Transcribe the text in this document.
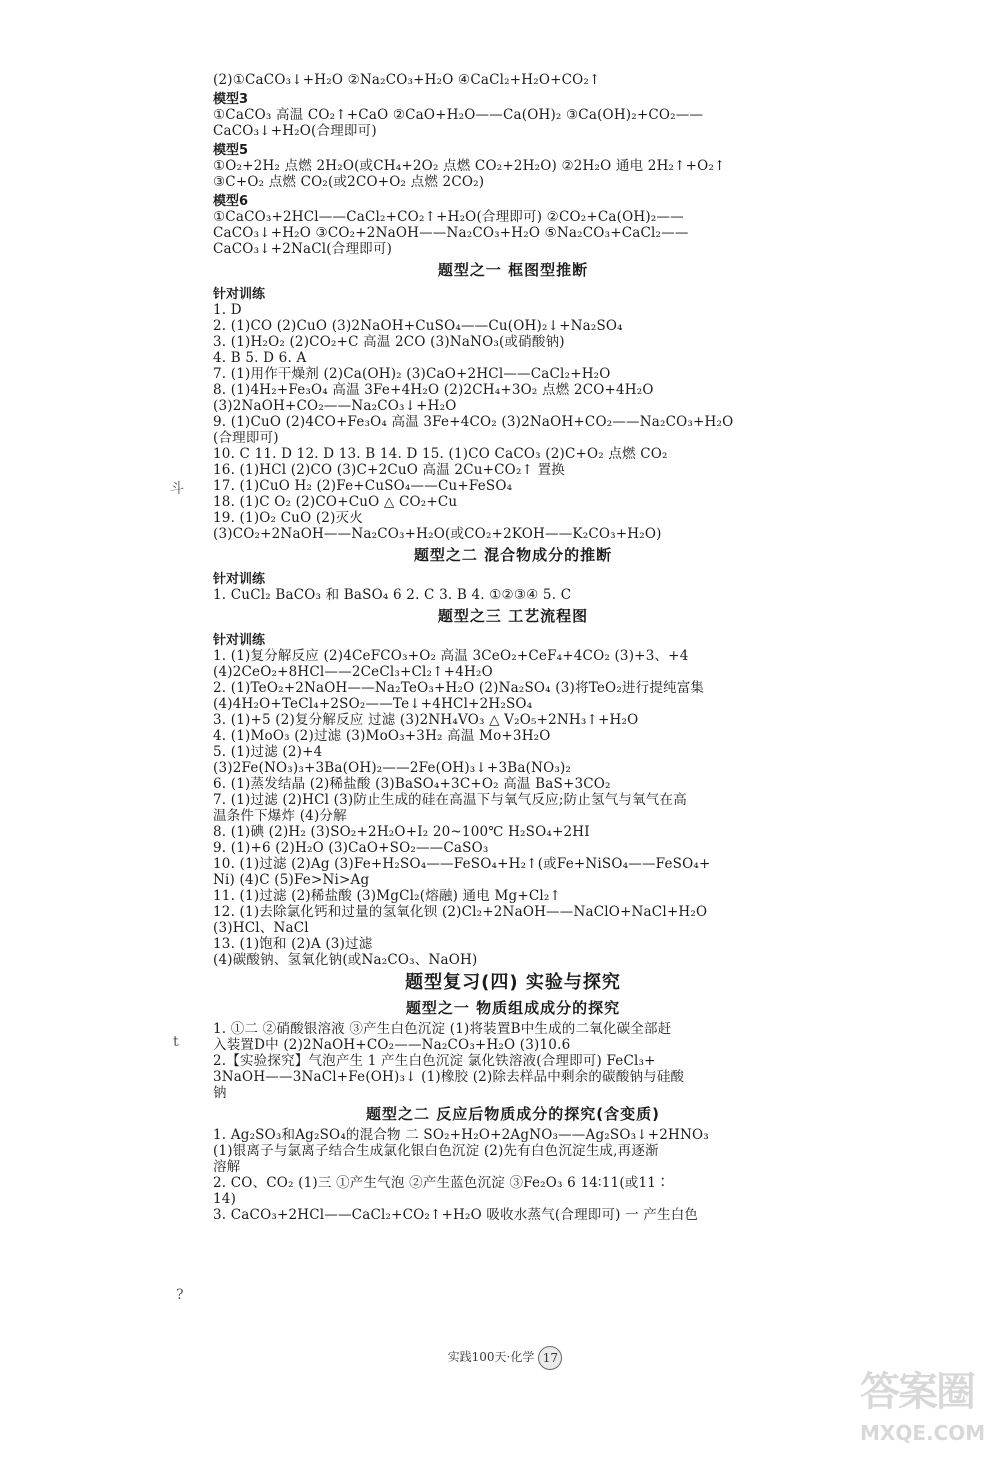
(2)①CaCO₃↓+H₂O ②Na₂CO₃+H₂O ④CaCl₂+H₂O+CO₂↑
模型3
①CaCO₃ 高温 CO₂↑+CaO ②CaO+H₂O——Ca(OH)₂ ③Ca(OH)₂+CO₂——
CaCO₃↓+H₂O(合理即可)
模型5
①O₂+2H₂ 点燃 2H₂O(或CH₄+2O₂ 点燃 CO₂+2H₂O) ②2H₂O 通电 2H₂↑+O₂↑
③C+O₂ 点燃 CO₂(或2CO+O₂ 点燃 2CO₂)
模型6
①CaCO₃+2HCl——CaCl₂+CO₂↑+H₂O(合理即可) ②CO₂+Ca(OH)₂——
CaCO₃↓+H₂O ③CO₂+2NaOH——Na₂CO₃+H₂O ⑤Na₂CO₃+CaCl₂——
CaCO₃↓+2NaCl(合理即可)
题型之一 框图型推断
针对训练
1. D
2. (1)CO (2)CuO (3)2NaOH+CuSO₄——Cu(OH)₂↓+Na₂SO₄
3. (1)H₂O₂ (2)CO₂+C 高温 2CO (3)NaNO₃(或硝酸钠)
4. B 5. D 6. A
7. (1)用作干燥剂 (2)Ca(OH)₂ (3)CaO+2HCl——CaCl₂+H₂O
8. (1)4H₂+Fe₃O₄ 高温 3Fe+4H₂O (2)2CH₄+3O₂ 点燃 2CO+4H₂O
(3)2NaOH+CO₂——Na₂CO₃↓+H₂O
9. (1)CuO (2)4CO+Fe₃O₄ 高温 3Fe+4CO₂ (3)2NaOH+CO₂——Na₂CO₃+H₂O
(合理即可)
10. C 11. D 12. D 13. B 14. D 15. (1)CO CaCO₃ (2)C+O₂ 点燃 CO₂
16. (1)HCl (2)CO (3)C+2CuO 高温 2Cu+CO₂↑ 置换
17. (1)CuO H₂ (2)Fe+CuSO₄——Cu+FeSO₄
18. (1)C O₂ (2)CO+CuO △ CO₂+Cu
19. (1)O₂ CuO (2)灭火
(3)CO₂+2NaOH——Na₂CO₃+H₂O(或CO₂+2KOH——K₂CO₃+H₂O)
题型之二 混合物成分的推断
针对训练
1. CuCl₂ BaCO₃ 和 BaSO₄ 6 2. C 3. B 4. ①②③④ 5. C
题型之三 工艺流程图
针对训练
1. (1)复分解反应 (2)4CeFCO₃+O₂ 高温 3CeO₂+CeF₄+4CO₂ (3)+3、+4
(4)2CeO₂+8HCl——2CeCl₃+Cl₂↑+4H₂O
2. (1)TeO₂+2NaOH——Na₂TeO₃+H₂O (2)Na₂SO₄ (3)将TeO₂进行提纯富集
(4)4H₂O+TeCl₄+2SO₂——Te↓+4HCl+2H₂SO₄
3. (1)+5 (2)复分解反应 过滤 (3)2NH₄VO₃ △ V₂O₅+2NH₃↑+H₂O
4. (1)MoO₃ (2)过滤 (3)MoO₃+3H₂ 高温 Mo+3H₂O
5. (1)过滤 (2)+4
(3)2Fe(NO₃)₃+3Ba(OH)₂——2Fe(OH)₃↓+3Ba(NO₃)₂
6. (1)蒸发结晶 (2)稀盐酸 (3)BaSO₄+3C+O₂ 高温 BaS+3CO₂
7. (1)过滤 (2)HCl (3)防止生成的硅在高温下与氧气反应;防止氢气与氧气在高
温条件下爆炸 (4)分解
8. (1)碘 (2)H₂ (3)SO₂+2H₂O+I₂ 20~100℃ H₂SO₄+2HI
9. (1)+6 (2)H₂O (3)CaO+SO₂——CaSO₃
10. (1)过滤 (2)Ag (3)Fe+H₂SO₄——FeSO₄+H₂↑(或Fe+NiSO₄——FeSO₄+
Ni) (4)C (5)Fe>Ni>Ag
11. (1)过滤 (2)稀盐酸 (3)MgCl₂(熔融) 通电 Mg+Cl₂↑
12. (1)去除氯化钙和过量的氢氧化钡 (2)Cl₂+2NaOH——NaClO+NaCl+H₂O
(3)HCl、NaCl
13. (1)饱和 (2)A (3)过滤
(4)碳酸钠、氢氧化钠(或Na₂CO₃、NaOH)
题型复习(四) 实验与探究
题型之一 物质组成成分的探究
1. ①二 ②硝酸银溶液 ③产生白色沉淀 (1)将装置B中生成的二氧化碳全部赶
入装置D中 (2)2NaOH+CO₂——Na₂CO₃+H₂O (3)10.6
2.【实验探究】气泡产生 1 产生白色沉淀 氯化铁溶液(合理即可) FeCl₃+
3NaOH——3NaCl+Fe(OH)₃↓ (1)橡胶 (2)除去样品中剩余的碳酸钠与硅酸
钠
题型之二 反应后物质成分的探究(含变质)
1. Ag₂SO₃和Ag₂SO₄的混合物 二 SO₂+H₂O+2AgNO₃——Ag₂SO₃↓+2HNO₃
(1)银离子与氯离子结合生成氯化银白色沉淀 (2)先有白色沉淀生成,再逐渐
溶解
2. CO、CO₂ (1)三 ①产生气泡 ②产生蓝色沉淀 ③Fe₂O₃ 6 14∶11(或11∶
14)
3. CaCO₃+2HCl——CaCl₂+CO₂↑+H₂O 吸收水蒸气(合理即可) 一 产生白色
斗
t
?
实践100天·化学 17
答案圈
MXQE.COM
